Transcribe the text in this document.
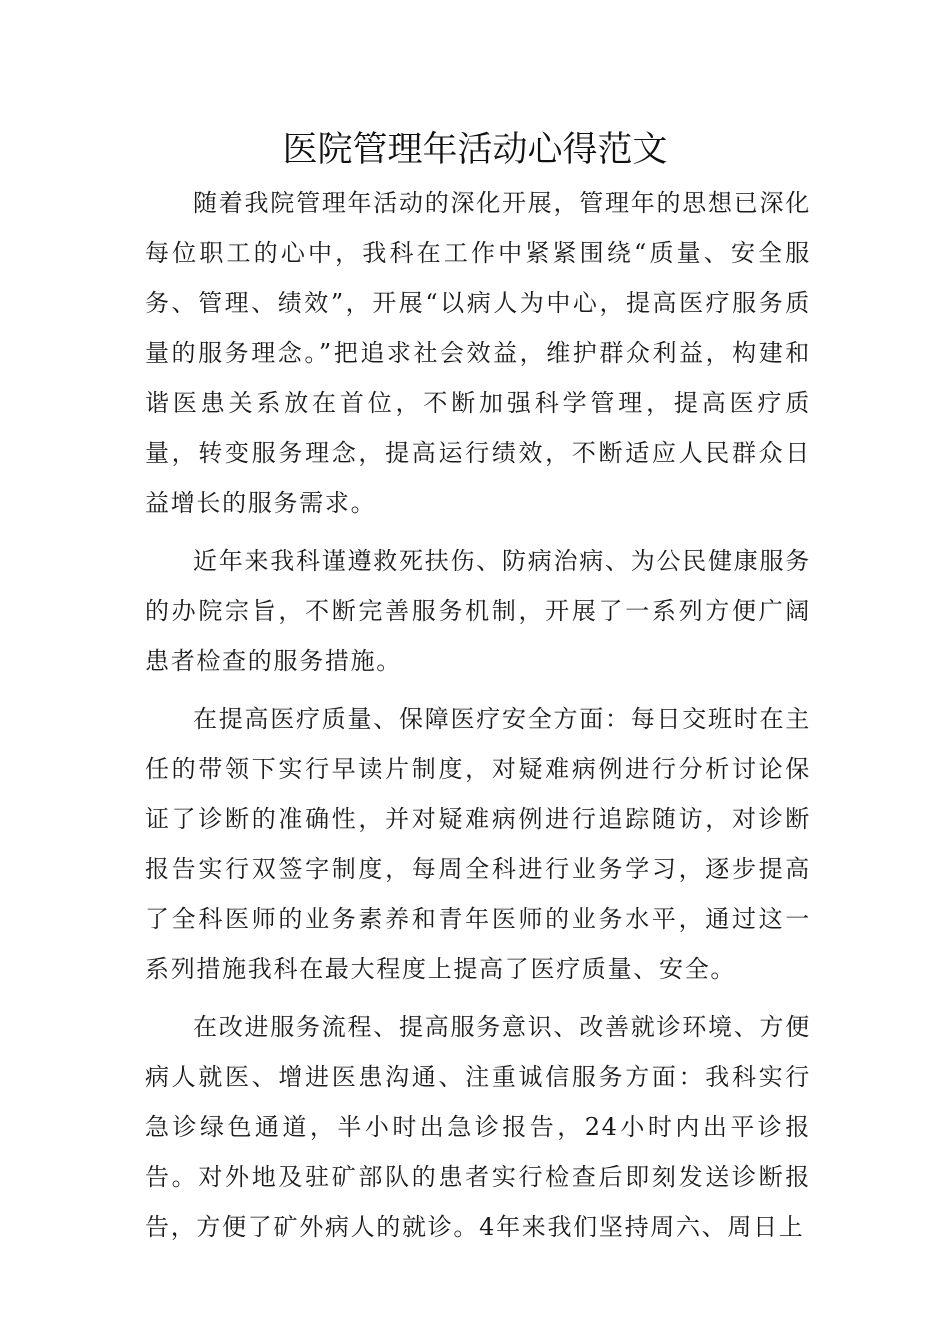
医院管理年活动心得范文

随着我院管理年活动的深化开展，管理年的思想已深化每位职工的心中，我科在工作中紧紧围绕“质量、安全服务、管理、绩效”，开展“以病人为中心，提高医疗服务质量的服务理念。”把追求社会效益，维护群众利益，构建和谐医患关系放在首位，不断加强科学管理，提高医疗质量，转变服务理念，提高运行绩效，不断适应人民群众日益增长的服务需求。

近年来我科谨遵救死扶伤、防病治病、为公民健康服务的办院宗旨，不断完善服务机制，开展了一系列方便广阔患者检查的服务措施。

在提高医疗质量、保障医疗安全方面：每日交班时在主任的带领下实行早读片制度，对疑难病例进行分析讨论保证了诊断的准确性，并对疑难病例进行追踪随访，对诊断报告实行双签字制度，每周全科进行业务学习，逐步提高了全科医师的业务素养和青年医师的业务水平，通过这一系列措施我科在最大程度上提高了医疗质量、安全。

在改进服务流程、提高服务意识、改善就诊环境、方便病人就医、增进医患沟通、注重诚信服务方面：我科实行急诊绿色通道，半小时出急诊报告，24小时内出平诊报告。对外地及驻矿部队的患者实行检查后即刻发送诊断报告，方便了矿外病人的就诊。4年来我们坚持周六、周日上
